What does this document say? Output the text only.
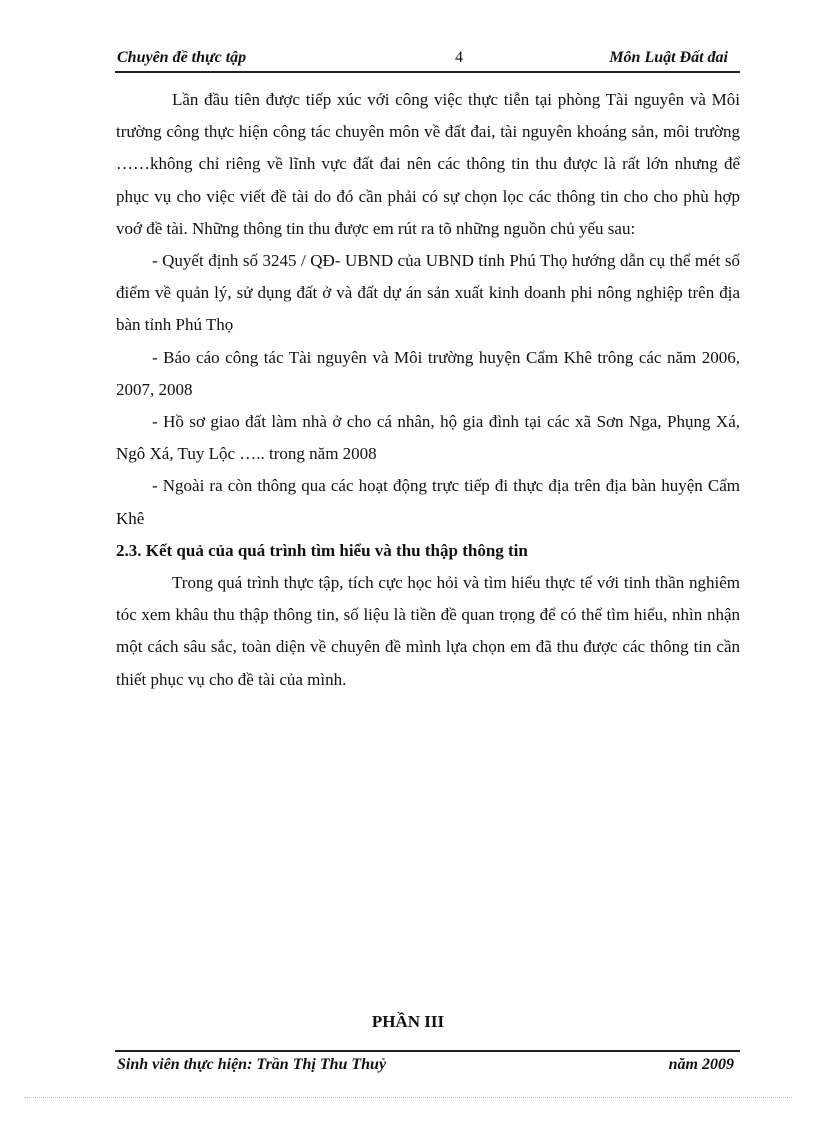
Chuyên đề thực tập	4	Môn Luật Đất đai

Lần đầu tiên được tiếp xúc với công việc thực tiễn tại phòng Tài nguyên và Môi trường công thực hiện công tác chuyên môn về đất đai, tài nguyên khoáng sản, môi trường ……không chỉ riêng về lĩnh vực đất đai nên các thông tin thu được là rất lớn nhưng để phục vụ cho việc viết đề tài do đó cần phải có sự chọn lọc các thông tin cho cho phù hợp voớ đề tài. Những thông tin thu được em rút ra tõ những nguồn chủ yếu sau:

- Quyết định số 3245 / QĐ- UBND của UBND tỉnh Phú Thọ hướng dẫn cụ thể mét số điểm về quản lý, sử dụng đất ở và đất dự án sản xuất kinh doanh phi nông nghiệp trên địa bàn tỉnh Phú Thọ

- Báo cáo công tác Tài nguyên và Môi trường huyện Cẩm Khê trông các năm 2006, 2007, 2008

- Hồ sơ giao đất làm nhà ở cho cá nhân, hộ gia đình tại các xã Sơn Nga, Phụng Xá, Ngô Xá, Tuy Lộc ….. trong năm 2008

- Ngoài ra còn thông qua các hoạt động trực tiếp đi thực địa trên địa bàn huyện Cẩm Khê

2.3. Kết quả của quá trình tìm hiểu và thu thập thông tin

Trong quá trình thực tập, tích cực học hỏi và tìm hiểu thực tế với tinh thần nghiêm tóc xem khâu thu thập thông tin, số liệu là tiền đề quan trọng để có thể tìm hiểu, nhìn nhận một cách sâu sắc, toàn diện về chuyên đề mình lựa chọn em đã thu được các thông tin cần thiết phục vụ cho đề tài của mình.

PHẦN III
Sinh viên thực hiện: Trần Thị Thu Thuỷ	năm 2009
